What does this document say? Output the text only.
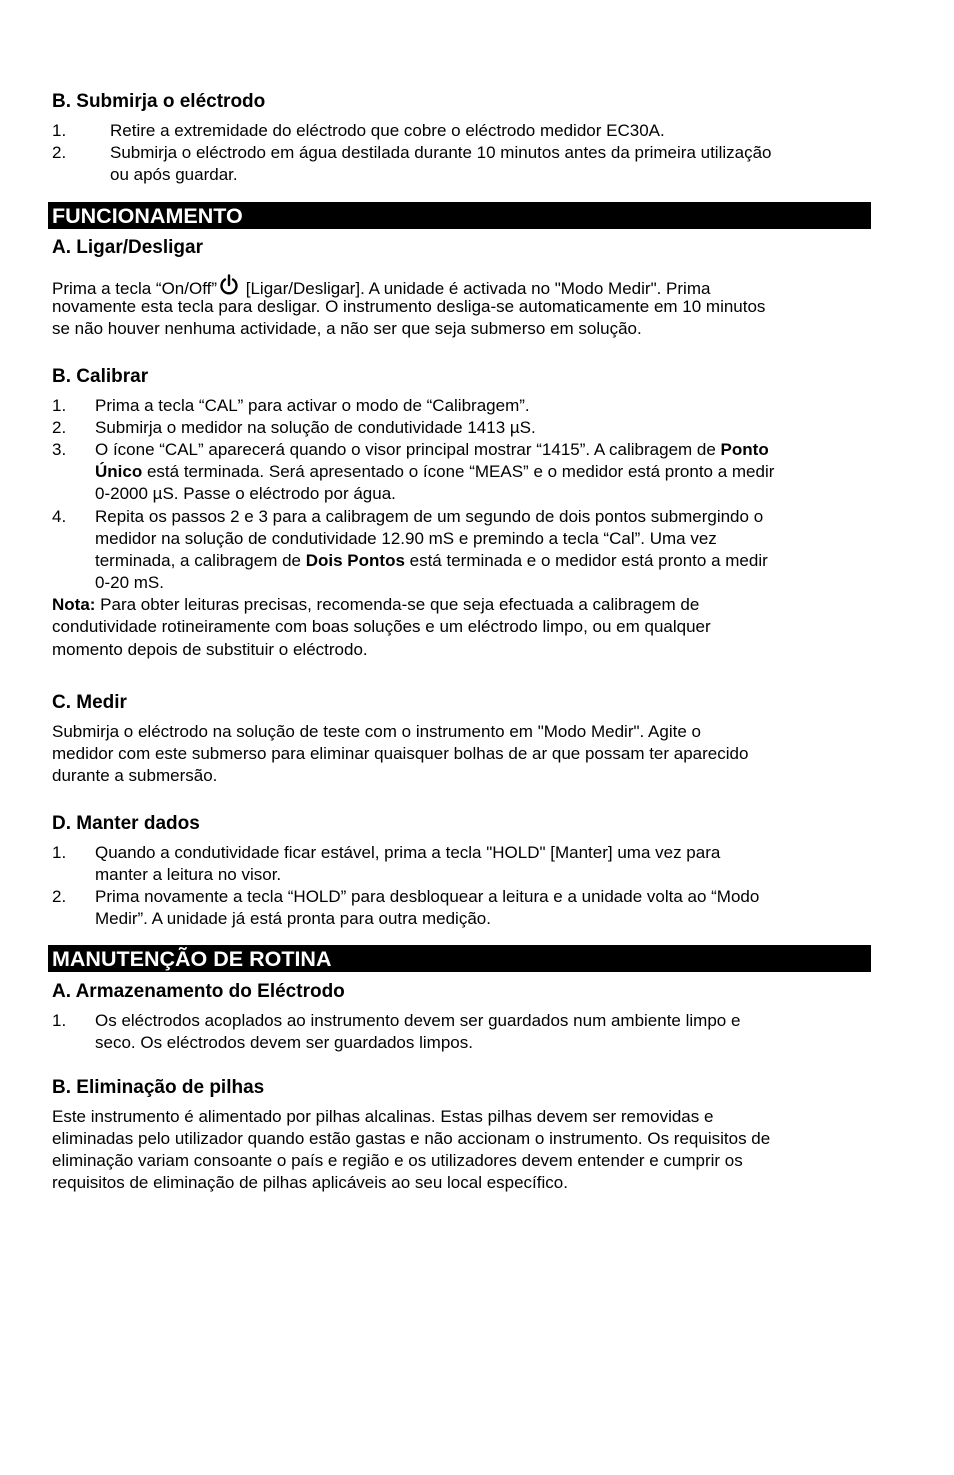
B. Submirja o eléctrodo
1.	Retire a extremidade do eléctrodo que cobre o eléctrodo medidor EC30A.
2.	Submirja o eléctrodo em água destilada durante 10 minutos antes da primeira utilização
ou após guardar.
FUNCIONAMENTO
A. Ligar/Desligar
Prima a tecla “On/Off” [Ligar/Desligar]. A unidade é activada no "Modo Medir". Prima
novamente esta tecla para desligar. O instrumento desliga-se automaticamente em 10 minutos
se não houver nenhuma actividade, a não ser que seja submerso em solução.
B. Calibrar
1. Prima a tecla “CAL” para activar o modo de “Calibragem”.
2. Submirja o medidor na solução de condutividade 1413 µS.
3. O ícone “CAL” aparecerá quando o visor principal mostrar “1415”. A calibragem de Ponto
Único está terminada. Será apresentado o ícone “MEAS” e o medidor está pronto a medir
0-2000 µS. Passe o eléctrodo por água.
4. Repita os passos 2 e 3 para a calibragem de um segundo de dois pontos submergindo o
medidor na solução de condutividade 12.90 mS e premindo a tecla “Cal”. Uma vez
terminada, a calibragem de Dois Pontos está terminada e o medidor está pronto a medir
0-20 mS.
Nota: Para obter leituras precisas, recomenda-se que seja efectuada a calibragem de
condutividade rotineiramente com boas soluções e um eléctrodo limpo, ou em qualquer
momento depois de substituir o eléctrodo.
C. Medir
Submirja o eléctrodo na solução de teste com o instrumento em "Modo Medir". Agite o
medidor com este submerso para eliminar quaisquer bolhas de ar que possam ter aparecido
durante a submersão.
D. Manter dados
1. Quando a condutividade ficar estável, prima a tecla "HOLD" [Manter] uma vez para
manter a leitura no visor.
2. Prima novamente a tecla “HOLD” para desbloquear a leitura e a unidade volta ao “Modo
Medir”. A unidade já está pronta para outra medição.
MANUTENÇÃO DE ROTINA
A. Armazenamento do Eléctrodo
1. Os eléctrodos acoplados ao instrumento devem ser guardados num ambiente limpo e
seco. Os eléctrodos devem ser guardados limpos.
B. Eliminação de pilhas
Este instrumento é alimentado por pilhas alcalinas. Estas pilhas devem ser removidas e
eliminadas pelo utilizador quando estão gastas e não accionam o instrumento. Os requisitos de
eliminação variam consoante o país e região e os utilizadores devem entender e cumprir os
requisitos de eliminação de pilhas aplicáveis ao seu local específico.
